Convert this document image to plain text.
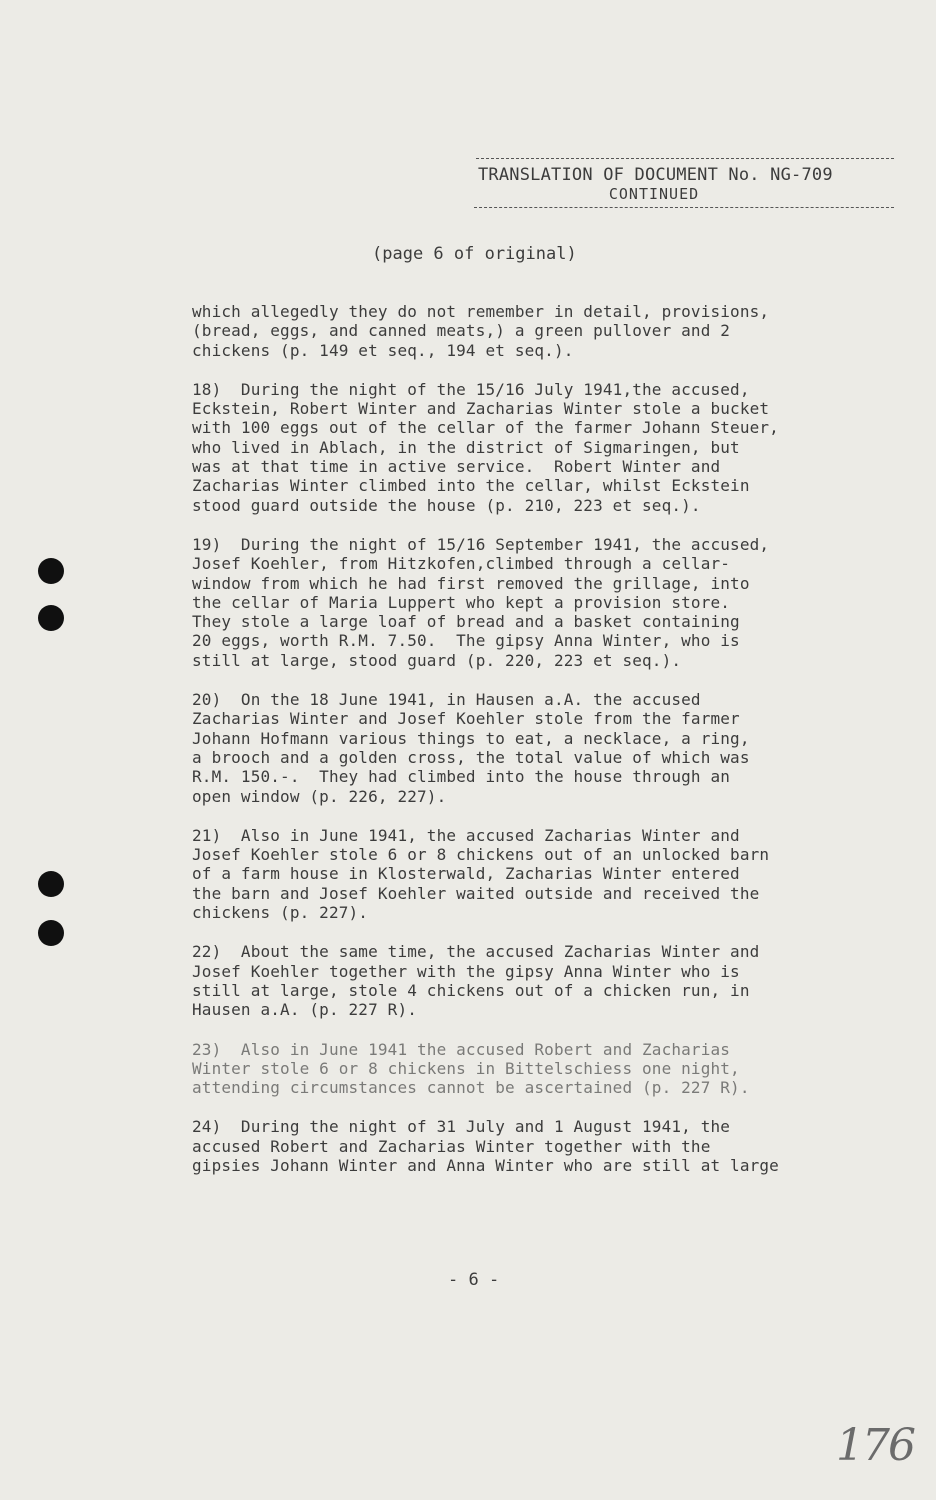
TRANSLATION OF DOCUMENT No. NG-709
CONTINUED
(page 6 of original)
which allegedly they do not remember in detail, provisions,
(bread, eggs, and canned meats,) a green pullover and 2
chickens (p. 149 et seq., 194 et seq.).
18)  During the night of the 15/16 July 1941,the accused,
Eckstein, Robert Winter and Zacharias Winter stole a bucket
with 100 eggs out of the cellar of the farmer Johann Steuer,
who lived in Ablach, in the district of Sigmaringen, but
was at that time in active service.  Robert Winter and
Zacharias Winter climbed into the cellar, whilst Eckstein
stood guard outside the house (p. 210, 223 et seq.).
19)  During the night of 15/16 September 1941, the accused,
Josef Koehler, from Hitzkofen,climbed through a cellar-
window from which he had first removed the grillage, into
the cellar of Maria Luppert who kept a provision store.
They stole a large loaf of bread and a basket containing
20 eggs, worth R.M. 7.50.  The gipsy Anna Winter, who is
still at large, stood guard (p. 220, 223 et seq.).
20)  On the 18 June 1941, in Hausen a.A. the accused
Zacharias Winter and Josef Koehler stole from the farmer
Johann Hofmann various things to eat, a necklace, a ring,
a brooch and a golden cross, the total value of which was
R.M. 150.-.  They had climbed into the house through an
open window (p. 226, 227).
21)  Also in June 1941, the accused Zacharias Winter and
Josef Koehler stole 6 or 8 chickens out of an unlocked barn
of a farm house in Klosterwald, Zacharias Winter entered
the barn and Josef Koehler waited outside and received the
chickens (p. 227).
22)  About the same time, the accused Zacharias Winter and
Josef Koehler together with the gipsy Anna Winter who is
still at large, stole 4 chickens out of a chicken run, in
Hausen a.A. (p. 227 R).
23)  Also in June 1941 the accused Robert and Zacharias
Winter stole 6 or 8 chickens in Bittelschiess one night,
attending circumstances cannot be ascertained (p. 227 R).
24)  During the night of 31 July and 1 August 1941, the
accused Robert and Zacharias Winter together with the
gipsies Johann Winter and Anna Winter who are still at large
- 6 -
176
